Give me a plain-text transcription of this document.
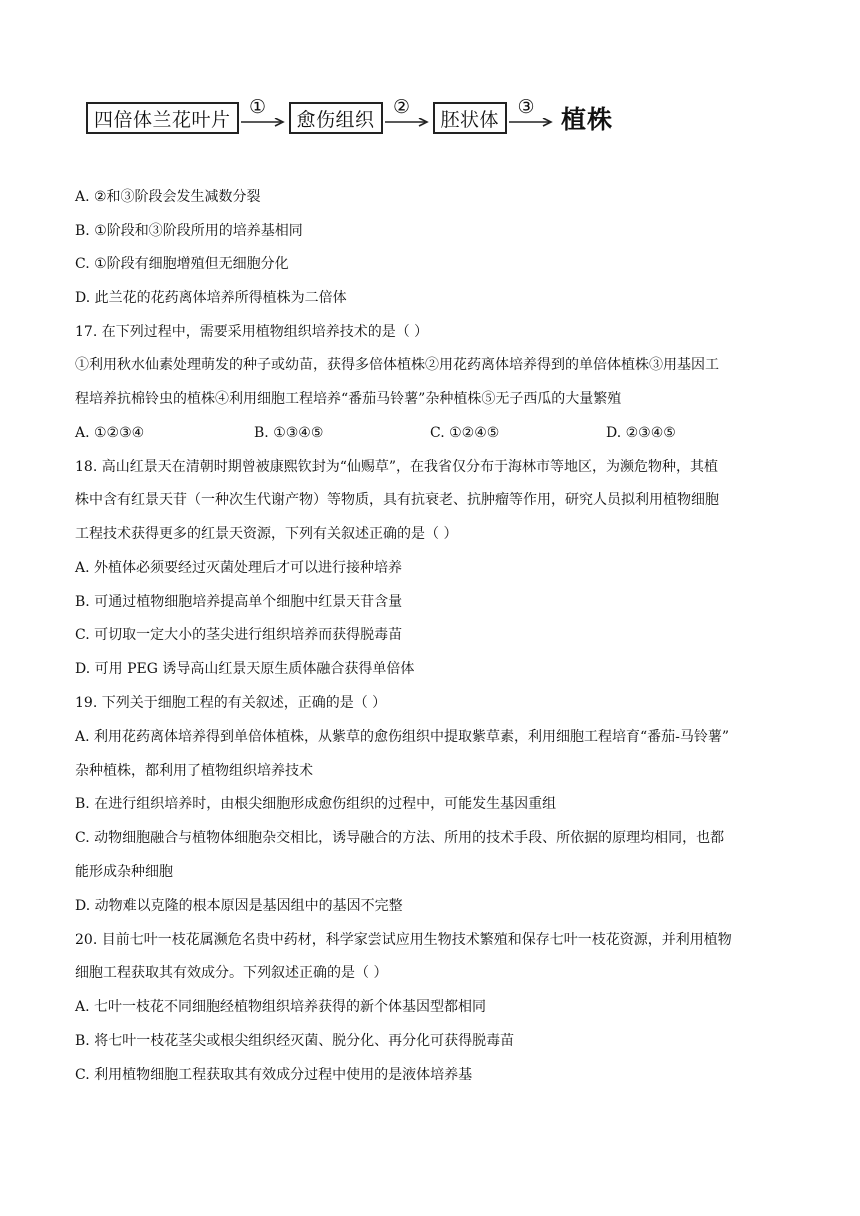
四倍体兰花叶片
①
愈伤组织
②
胚状体
③ 植株
A. ②和③阶段会发生减数分裂
B. ①阶段和③阶段所用的培养基相同
C. ①阶段有细胞增殖但无细胞分化
D. 此兰花的花药离体培养所得植株为二倍体
17. 在下列过程中，需要采用植物组织培养技术的是（ ）
①利用秋水仙素处理萌发的种子或幼苗，获得多倍体植株②用花药离体培养得到的单倍体植株③用基因工
程培养抗棉铃虫的植株④利用细胞工程培养“番茄马铃薯”杂种植株⑤无子西瓜的大量繁殖
A. ①②③④	B. ①③④⑤	C. ①②④⑤	D. ②③④⑤
18. 高山红景天在清朝时期曾被康熙钦封为“仙赐草”，在我省仅分布于海林市等地区，为濒危物种，其植
株中含有红景天苷（一种次生代谢产物）等物质，具有抗衰老、抗肿瘤等作用，研究人员拟利用植物细胞
工程技术获得更多的红景天资源，下列有关叙述正确的是（ ）
A. 外植体必须要经过灭菌处理后才可以进行接种培养
B. 可通过植物细胞培养提高单个细胞中红景天苷含量
C. 可切取一定大小的茎尖进行组织培养而获得脱毒苗
D. 可用 PEG 诱导高山红景天原生质体融合获得单倍体
19. 下列关于细胞工程的有关叙述，正确的是（ ）
A. 利用花药离体培养得到单倍体植株，从紫草的愈伤组织中提取紫草素，利用细胞工程培育“番茄-马铃薯”
杂种植株，都利用了植物组织培养技术
B. 在进行组织培养时，由根尖细胞形成愈伤组织的过程中，可能发生基因重组
C. 动物细胞融合与植物体细胞杂交相比，诱导融合的方法、所用的技术手段、所依据的原理均相同，也都
能形成杂种细胞
D. 动物难以克隆的根本原因是基因组中的基因不完整
20. 目前七叶一枝花属濒危名贵中药材，科学家尝试应用生物技术繁殖和保存七叶一枝花资源，并利用植物
细胞工程获取其有效成分。下列叙述正确的是（ ）
A. 七叶一枝花不同细胞经植物组织培养获得的新个体基因型都相同
B. 将七叶一枝花茎尖或根尖组织经灭菌、脱分化、再分化可获得脱毒苗
C. 利用植物细胞工程获取其有效成分过程中使用的是液体培养基
